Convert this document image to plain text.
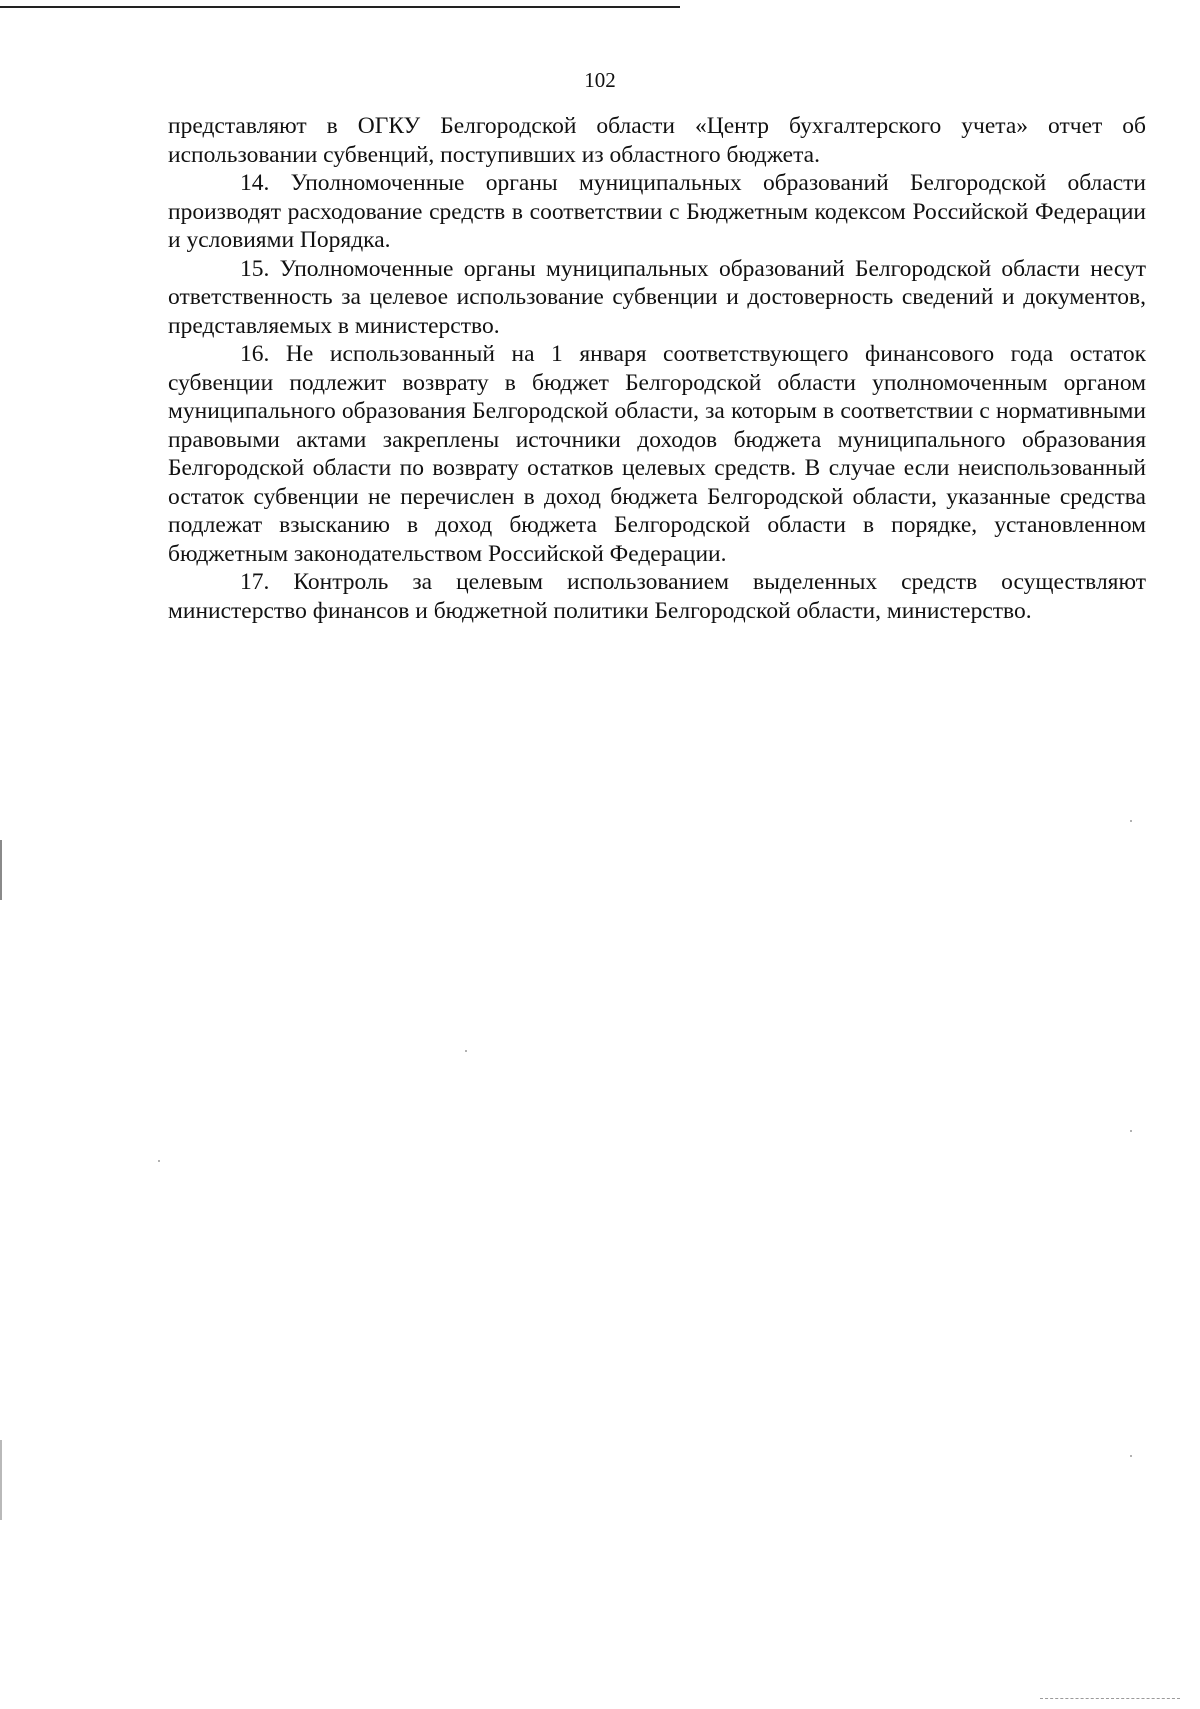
102

представляют в ОГКУ Белгородской области «Центр бухгалтерского учета» отчет об использовании субвенций, поступивших из областного бюджета.

14. Уполномоченные органы муниципальных образований Белгородской области производят расходование средств в соответствии с Бюджетным кодексом Российской Федерации и условиями Порядка.

15. Уполномоченные органы муниципальных образований Белгородской области несут ответственность за целевое использование субвенции и достоверность сведений и документов, представляемых в министерство.

16. Не использованный на 1 января соответствующего финансового года остаток субвенции подлежит возврату в бюджет Белгородской области уполномоченным органом муниципального образования Белгородской области, за которым в соответствии с нормативными правовыми актами закреплены источники доходов бюджета муниципального образования Белгородской области по возврату остатков целевых средств. В случае если неиспользованный остаток субвенции не перечислен в доход бюджета Белгородской области, указанные средства подлежат взысканию в доход бюджета Белгородской области в порядке, установленном бюджетным законодательством Российской Федерации.

17. Контроль за целевым использованием выделенных средств осуществляют министерство финансов и бюджетной политики Белгородской области, министерство.
